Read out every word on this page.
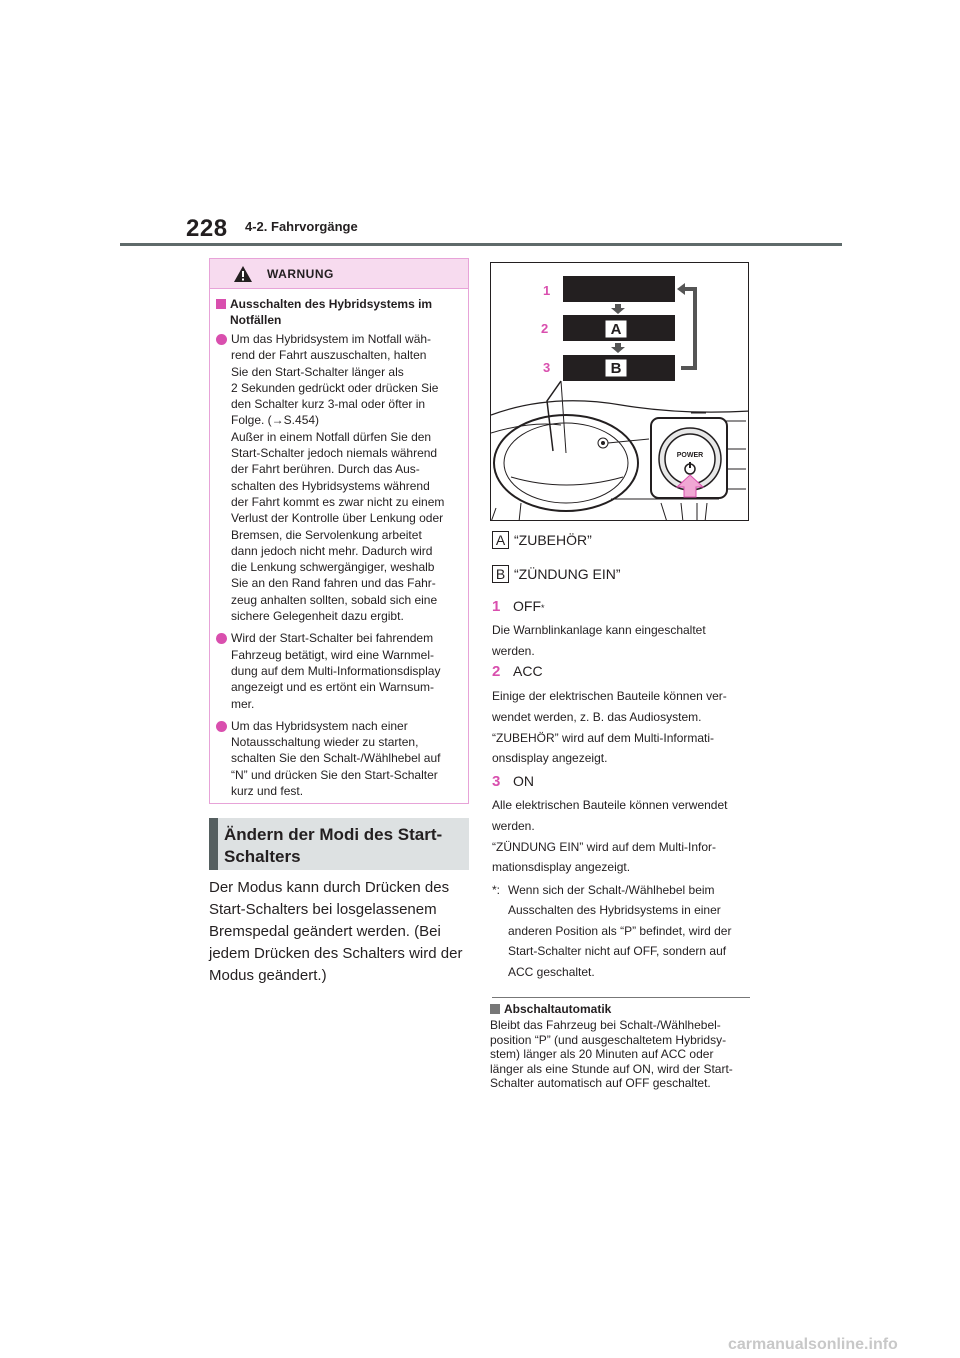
228 4-2. Fahrvorgänge
WARNUNG
Ausschalten des Hybridsystems im Notfällen
Um das Hybridsystem im Notfall wäh-
rend der Fahrt auszuschalten, halten
Sie den Start-Schalter länger als
2 Sekunden gedrückt oder drücken Sie
den Schalter kurz 3-mal oder öfter in
Folge. (→S.454)
Außer in einem Notfall dürfen Sie den
Start-Schalter jedoch niemals während
der Fahrt berühren. Durch das Aus-
schalten des Hybridsystems während
der Fahrt kommt es zwar nicht zu einem
Verlust der Kontrolle über Lenkung oder
Bremsen, die Servolenkung arbeitet
dann jedoch nicht mehr. Dadurch wird
die Lenkung schwergängiger, weshalb
Sie an den Rand fahren und das Fahr-
zeug anhalten sollten, sobald sich eine
sichere Gelegenheit dazu ergibt.
Wird der Start-Schalter bei fahrendem
Fahrzeug betätigt, wird eine Warnmel-
dung auf dem Multi-Informationsdisplay
angezeigt und es ertönt ein Warnsum-
mer.
Um das Hybridsystem nach einer
Notausschaltung wieder zu starten,
schalten Sie den Schalt-/Wählhebel auf
“N” und drücken Sie den Start-Schalter
kurz und fest.
Ändern der Modi des Start-
Schalters
Der Modus kann durch Drücken des
Start-Schalters bei losgelassenem
Bremspedal geändert werden. (Bei
jedem Drücken des Schalters wird der
Modus geändert.)
A
B
1
2
3
POWER
A “ZUBEHÖR”
B “ZÜNDUNG EIN”
1 OFF *
Die Warnblinkanlage kann eingeschaltet
werden.
2 ACC
Einige der elektrischen Bauteile können ver-
wendet werden, z. B. das Audiosystem.
“ZUBEHÖR” wird auf dem Multi-Informati-
onsdisplay angezeigt.
3 ON
Alle elektrischen Bauteile können verwendet
werden.
“ZÜNDUNG EIN” wird auf dem Multi-Infor-
mationsdisplay angezeigt.
*: Wenn sich der Schalt-/Wählhebel beim
Ausschalten des Hybridsystems in einer
anderen Position als “P” befindet, wird der
Start-Schalter nicht auf OFF, sondern auf
ACC geschaltet.
Abschaltautomatik
Bleibt das Fahrzeug bei Schalt-/Wählhebel-
position “P” (und ausgeschaltetem Hybridsy-
stem) länger als 20 Minuten auf ACC oder
länger als eine Stunde auf ON, wird der Start-
Schalter automatisch auf OFF geschaltet.
carmanualsonline.info
